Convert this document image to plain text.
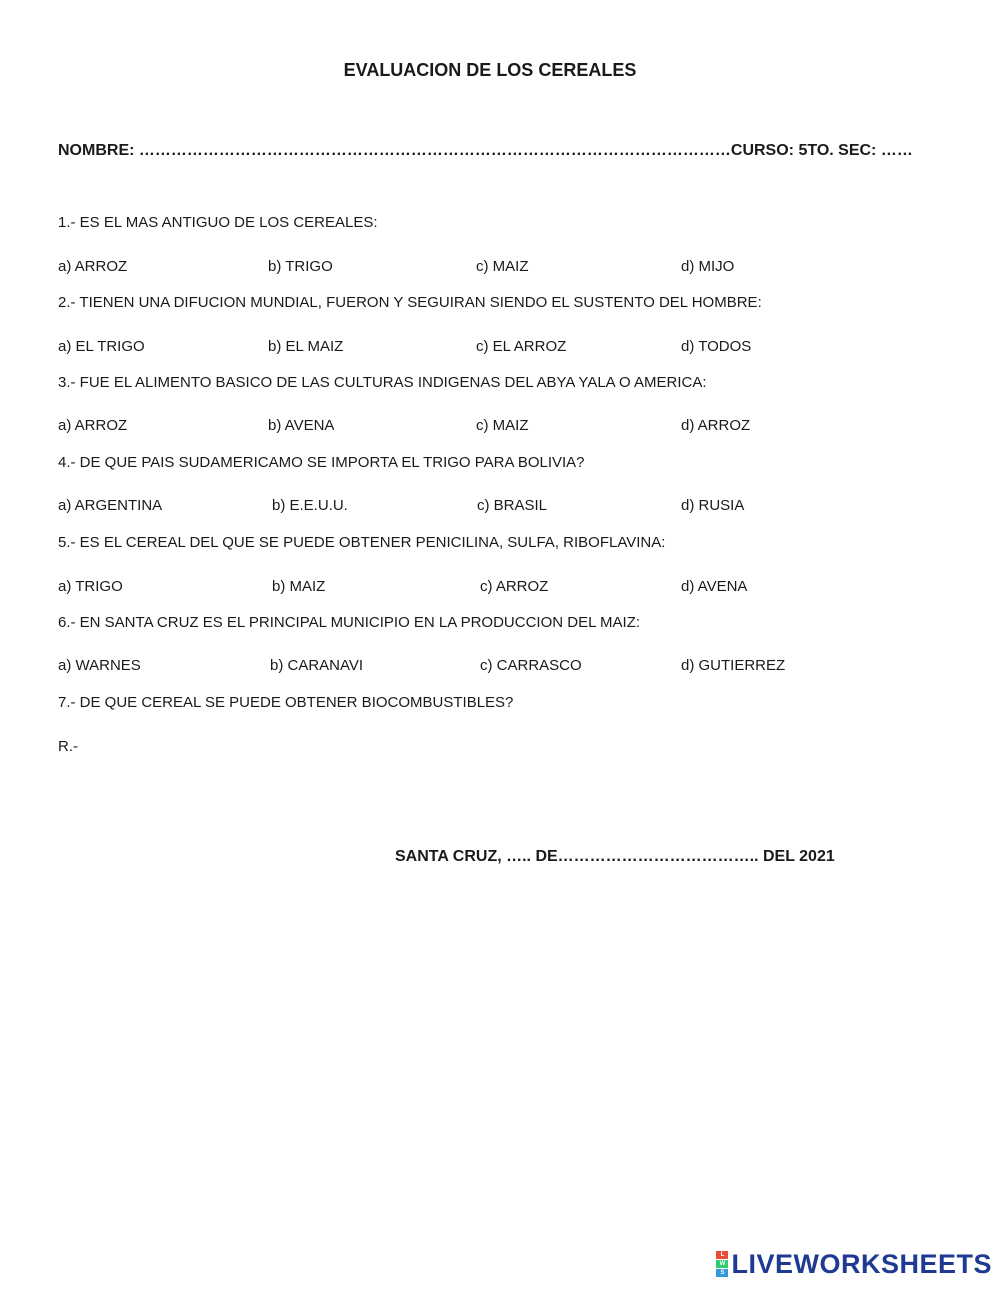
EVALUACION DE LOS CEREALES
NOMBRE: …………………………………………………………………………………………………CURSO: 5TO. SEC: ……
1.- ES EL MAS ANTIGUO DE LOS CEREALES:
a) ARROZ	b) TRIGO	c) MAIZ	d) MIJO
2.- TIENEN UNA DIFUCION MUNDIAL, FUERON Y SEGUIRAN SIENDO EL SUSTENTO DEL HOMBRE:
a) EL TRIGO	b) EL MAIZ	c) EL ARROZ	d) TODOS
3.- FUE EL ALIMENTO BASICO DE LAS CULTURAS INDIGENAS DEL ABYA YALA O AMERICA:
a) ARROZ	b) AVENA	c) MAIZ	d) ARROZ
4.- DE QUE PAIS SUDAMERICAMO SE IMPORTA EL TRIGO PARA BOLIVIA?
a) ARGENTINA	b) E.E.U.U.	c) BRASIL	d) RUSIA
5.- ES EL CEREAL DEL QUE SE PUEDE OBTENER PENICILINA, SULFA, RIBOFLAVINA:
a) TRIGO	b) MAIZ	c) ARROZ	d) AVENA
6.- EN SANTA CRUZ ES EL PRINCIPAL MUNICIPIO EN LA PRODUCCION DEL MAIZ:
a) WARNES	b) CARANAVI	c) CARRASCO	d) GUTIERREZ
7.- DE QUE CEREAL SE PUEDE OBTENER BIOCOMBUSTIBLES?
R.-
SANTA CRUZ, ….. DE……………………………….. DEL 2021
L
W
S LIVEWORKSHEETS
